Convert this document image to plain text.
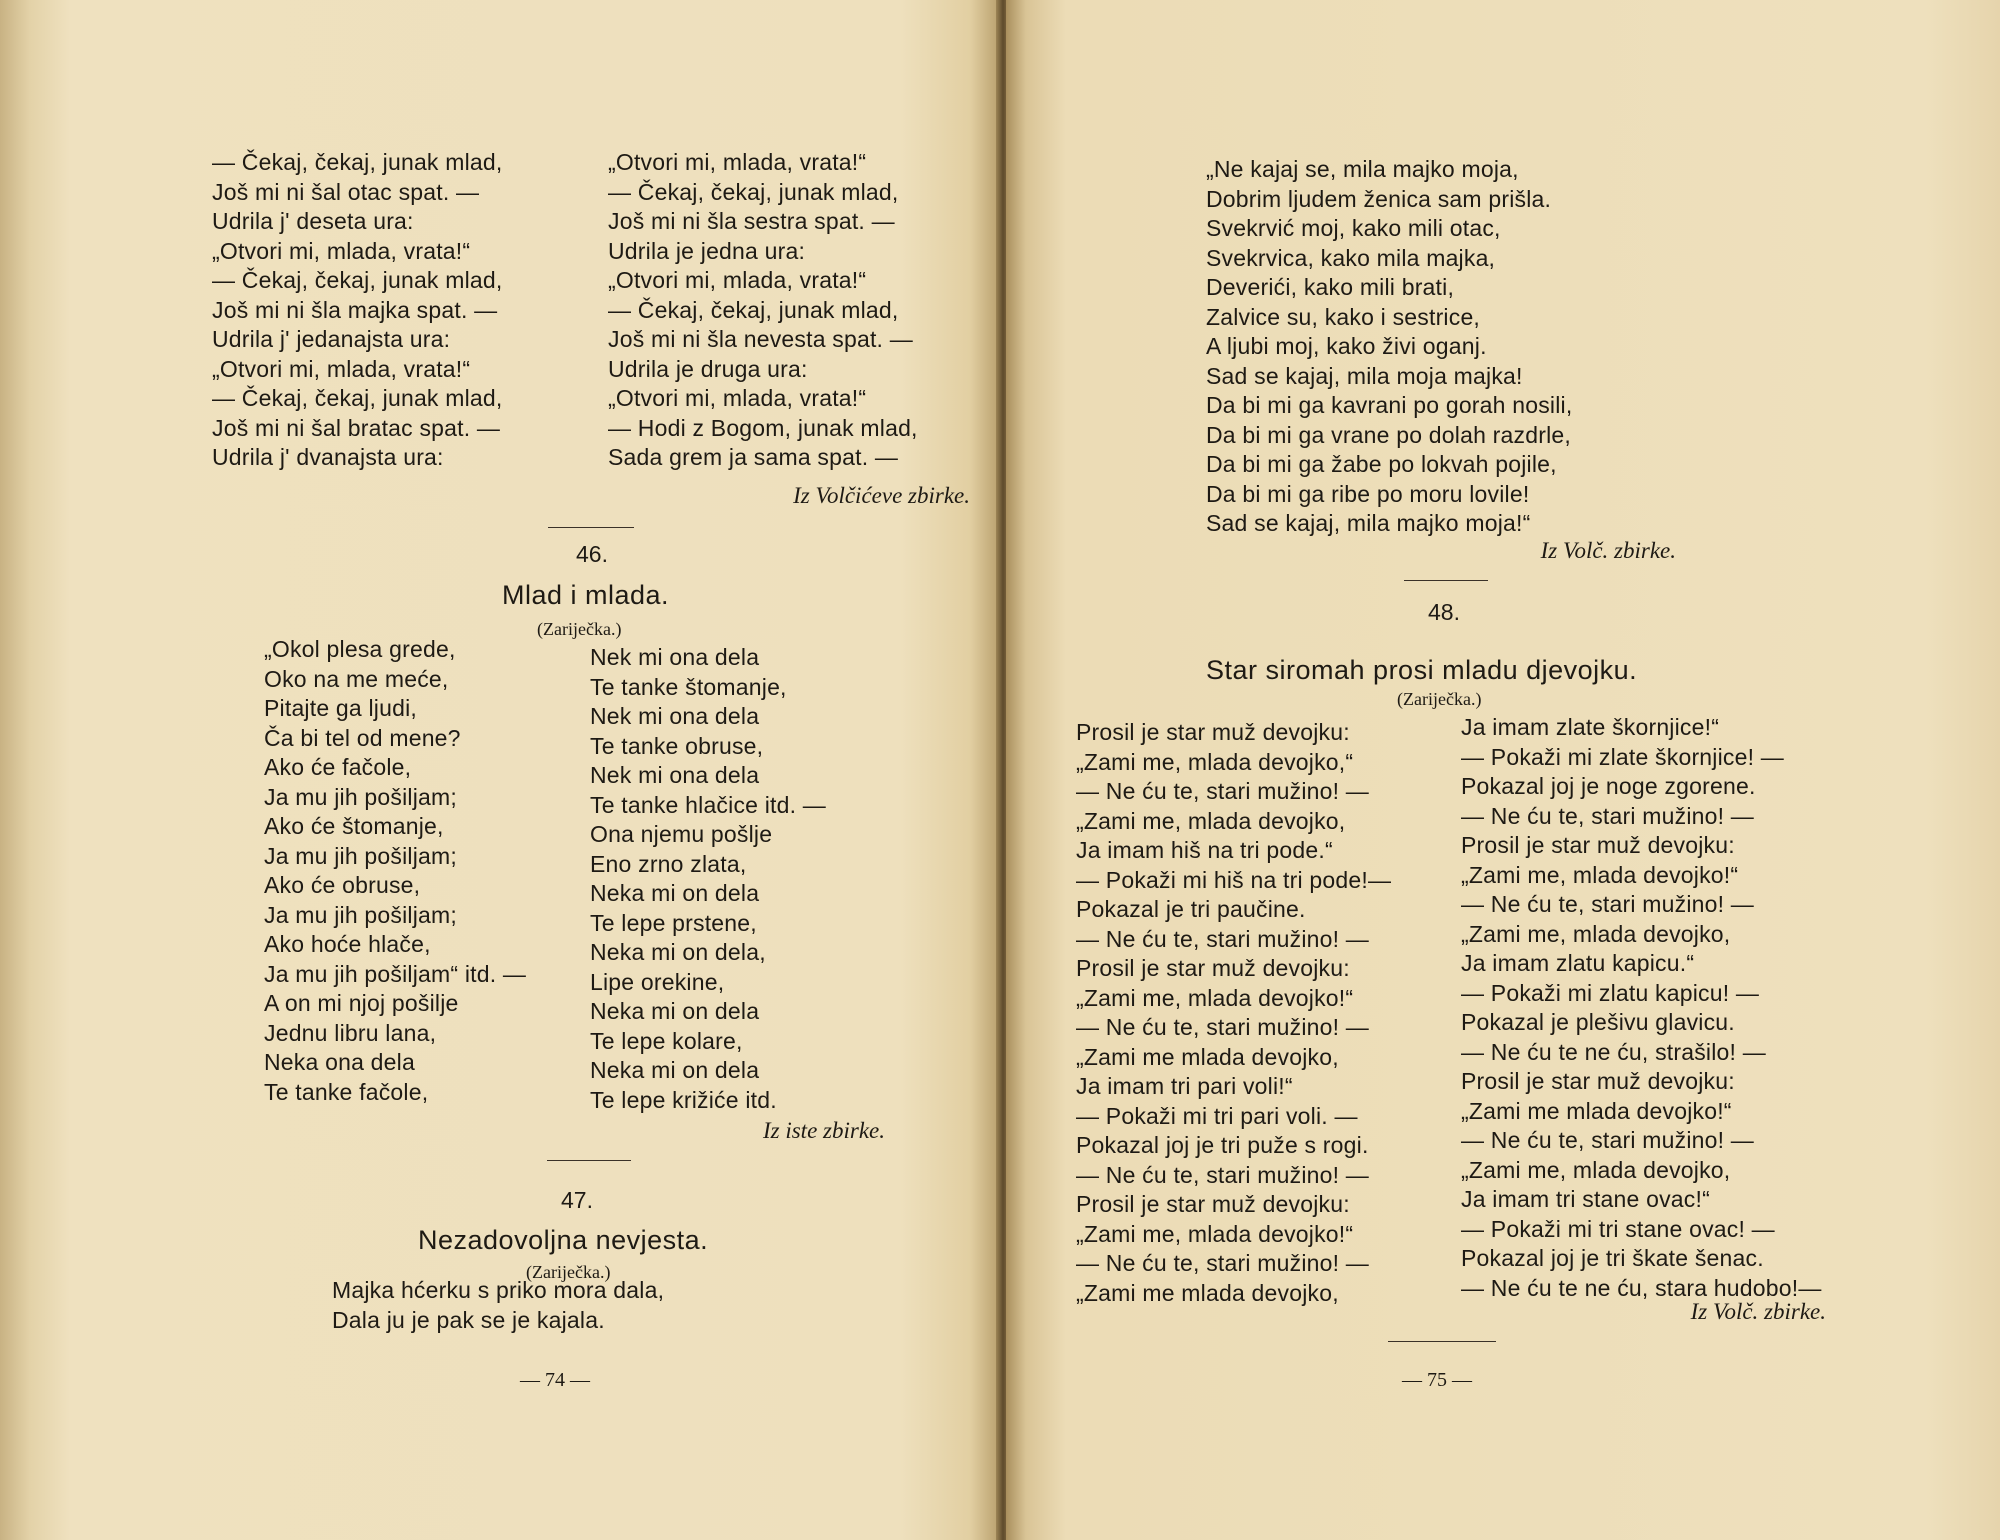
— Čekaj, čekaj, junak mlad,
Još mi ni šal otac spat. —
Udrila j' deseta ura:
„Otvori mi, mlada, vrata!“
— Čekaj, čekaj, junak mlad,
Još mi ni šla majka spat. —
Udrila j' jedanajsta ura:
„Otvori mi, mlada, vrata!“
— Čekaj, čekaj, junak mlad,
Još mi ni šal bratac spat. —
Udrila j' dvanajsta ura:
„Otvori mi, mlada, vrata!“
— Čekaj, čekaj, junak mlad,
Još mi ni šla sestra spat. —
Udrila je jedna ura:
„Otvori mi, mlada, vrata!“
— Čekaj, čekaj, junak mlad,
Još mi ni šla nevesta spat. —
Udrila je druga ura:
„Otvori mi, mlada, vrata!“
— Hodi z Bogom, junak mlad,
Sada grem ja sama spat. —
Iz Volčićeve zbirke.
46.
Mlad i mlada.
(Zarіječka.)
„Okol plesa grede,
Oko na me meće,
Pitajte ga ljudi,
Ča bi tel od mene?
Ako će fačole,
Ja mu jih pošiljam;
Ako će štomanje,
Ja mu jih pošiljam;
Ako će obruse,
Ja mu jih pošiljam;
Ako hoće hlače,
Ja mu jih pošiljam“ itd. —
A on mi njoj pošilje
Jednu libru lana,
Neka ona dela
Te tanke fačole,
Nek mi ona dela
Te tanke štomanje,
Nek mi ona dela
Te tanke obruse,
Nek mi ona dela
Te tanke hlačice itd. —
Ona njemu pošlje
Eno zrno zlata,
Neka mi on dela
Te lepe prstene,
Neka mi on dela,
Lipe orekine,
Neka mi on dela
Te lepe kolare,
Neka mi on dela
Te lepe križiće itd.
Iz iste zbirke.
47.
Nezadovoljna nevjesta.
(Zarіječka.)
Majka hćerku s priko mora dala,
Dala ju je pak se je kajala.
— 74 —
„Ne kajaj se, mila majko moja,
Dobrim ljudem ženica sam prišla.
Svekrvić moj, kako mili otac,
Svekrvica, kako mila majka,
Deverići, kako mili brati,
Zalvice su, kako i sestrice,
A ljubi moj, kako živi oganj.
Sad se kajaj, mila moja majka!
Da bi mi ga kavrani po gorah nosili,
Da bi mi ga vrane po dolah razdrle,
Da bi mi ga žabe po lokvah pojile,
Da bi mi ga ribe po moru lovile!
Sad se kajaj, mila majko moja!“
Iz Volč. zbirke.
48.
Star siromah prosi mladu djevojku.
(Zarіječka.)
Prosil je star muž devojku:
„Zami me, mlada devojko,“
— Ne ću te, stari mužino! —
„Zami me, mlada devojko,
Ja imam hiš na tri pode.“
— Pokaži mi hiš na tri pode!—
Pokazal je tri paučine.
— Ne ću te, stari mužino! —
Prosil je star muž devojku:
„Zami me, mlada devojko!“
— Ne ću te, stari mužino! —
„Zami me mlada devojko,
Ja imam tri pari voli!“
— Pokaži mi tri pari voli. —
Pokazal joj je tri puže s rogi.
— Ne ću te, stari mužino! —
Prosil je star muž devojku:
„Zami me, mlada devojko!“
— Ne ću te, stari mužino! —
„Zami me mlada devojko,
Ja imam zlate škornjice!“
— Pokaži mi zlate škornjice! —
Pokazal joj je noge zgorene.
— Ne ću te, stari mužino! —
Prosil je star muž devojku:
„Zami me, mlada devojko!“
— Ne ću te, stari mužino! —
„Zami me, mlada devojko,
Ja imam zlatu kapicu.“
— Pokaži mi zlatu kapicu! —
Pokazal je plešivu glavicu.
— Ne ću te ne ću, strašilo! —
Prosil je star muž devojku:
„Zami me mlada devojko!“
— Ne ću te, stari mužino! —
„Zami me, mlada devojko,
Ja imam tri stane ovac!“
— Pokaži mi tri stane ovac! —
Pokazal joj je tri škate šenac.
— Ne ću te ne ću, stara hudobo!—
Iz Volč. zbirke.
— 75 —
